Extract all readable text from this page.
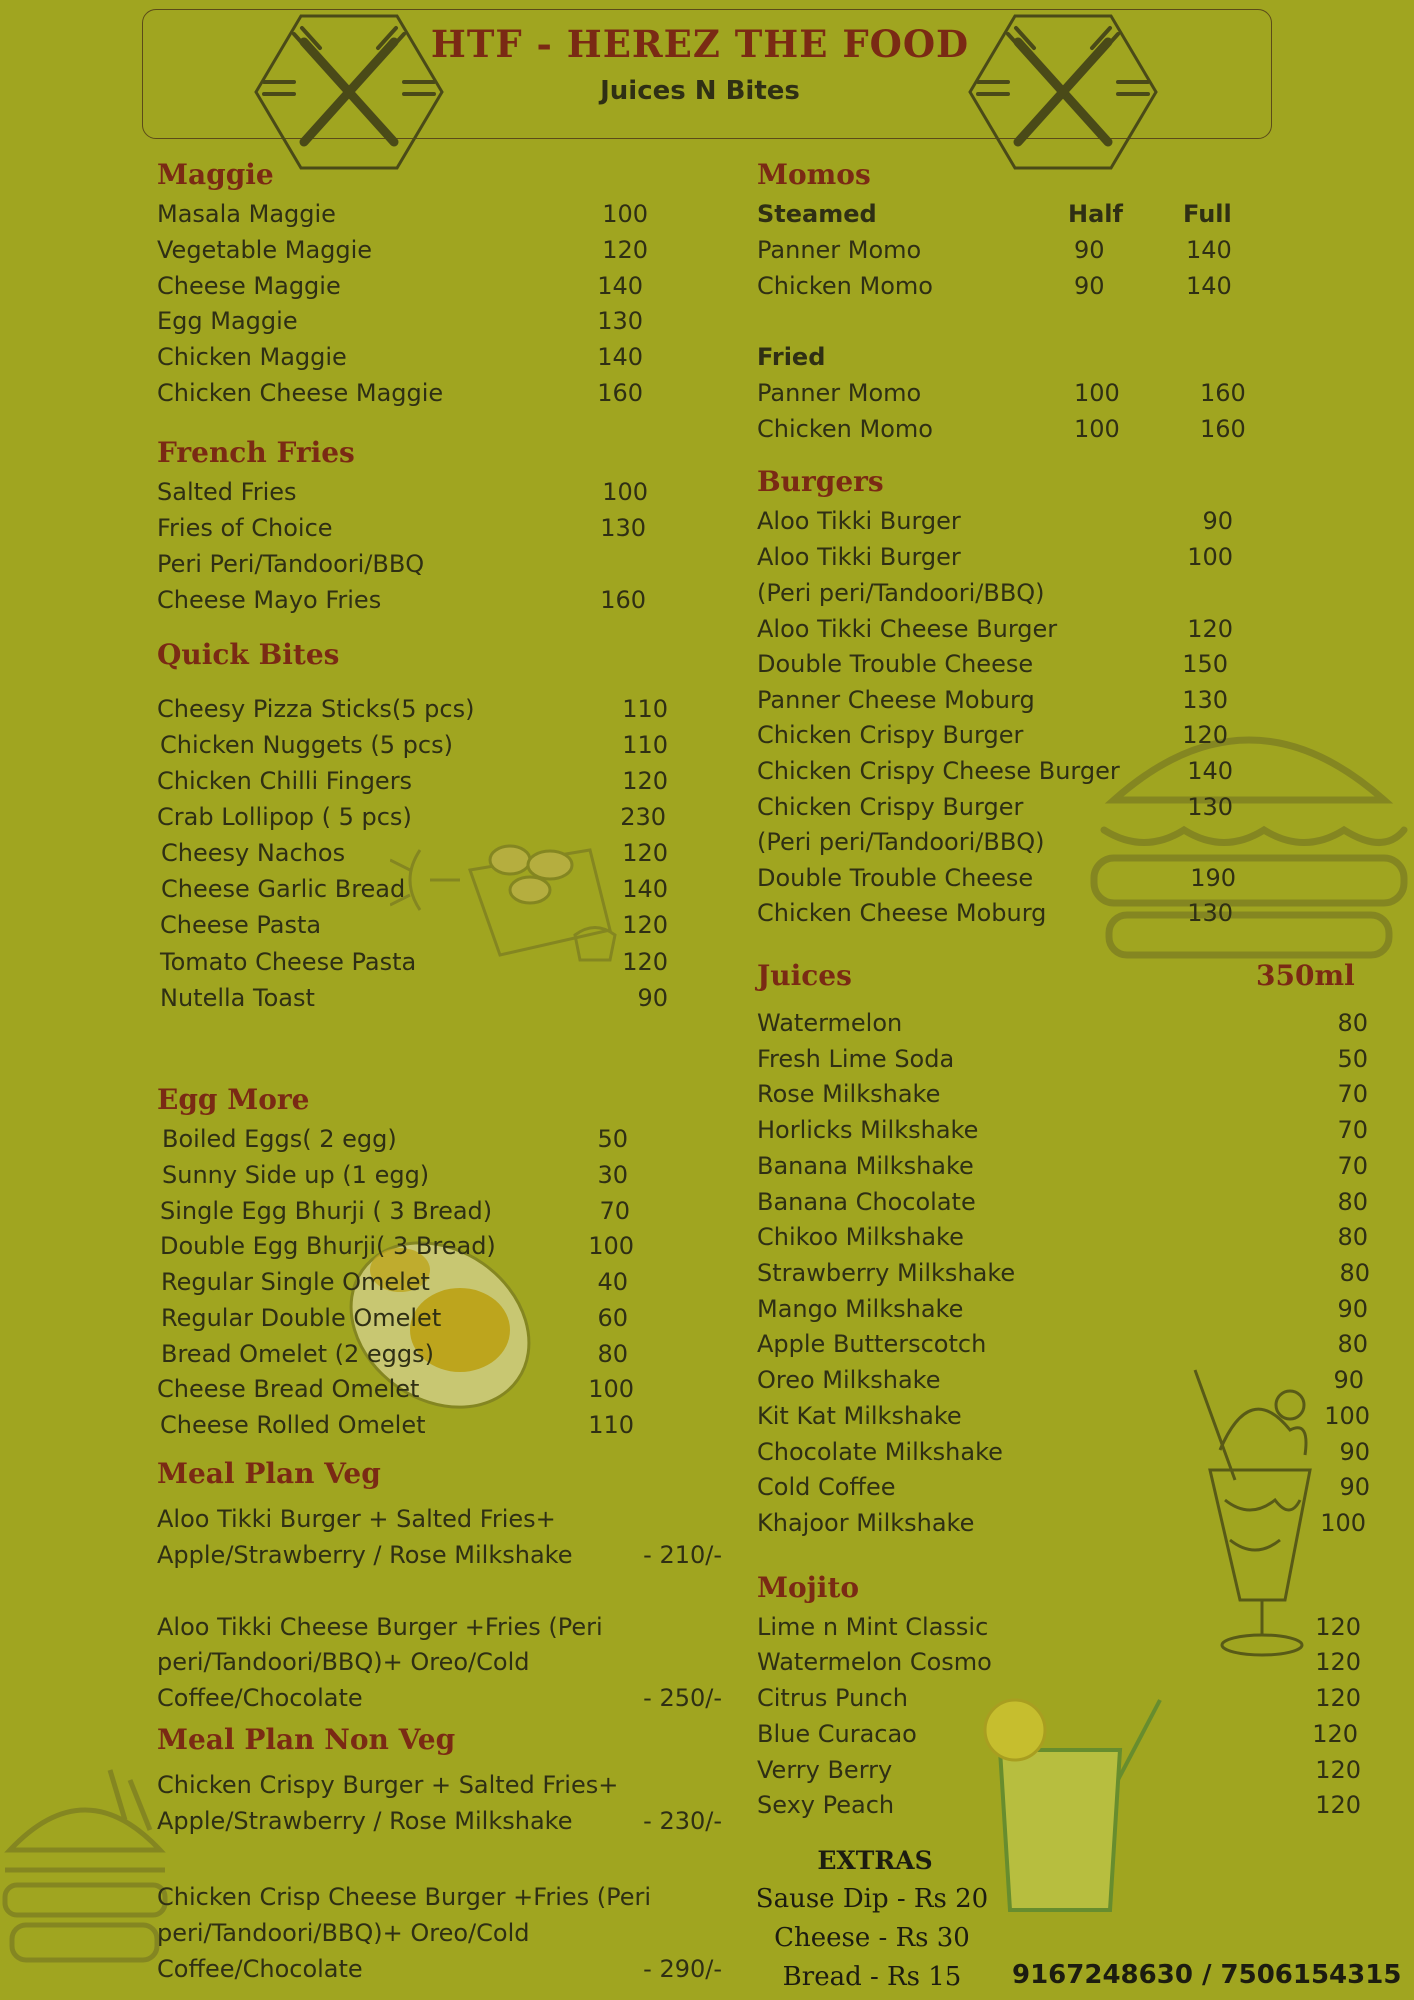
HTF - HEREZ THE FOOD
Juices N Bites
Maggie
Masala Maggie	100
Vegetable Maggie	120
Cheese Maggie	140
Egg Maggie	130
Chicken Maggie	140
Chicken Cheese Maggie	160
French Fries
Salted Fries	100
Fries of Choice	130
Peri Peri/Tandoori/BBQ
Cheese Mayo Fries	160
Quick Bites
Cheesy Pizza Sticks(5 pcs)	110
Chicken Nuggets (5 pcs)	110
Chicken Chilli Fingers	120
Crab Lollipop ( 5 pcs)	230
Cheesy Nachos	120
Cheese Garlic Bread	140
Cheese Pasta	120
Tomato Cheese Pasta	120
Nutella Toast	90
Egg More
Boiled Eggs( 2 egg)	50
Sunny Side up (1 egg)	30
Single Egg Bhurji ( 3 Bread)	70
Double Egg Bhurji( 3 Bread)	100
Regular Single Omelet	40
Regular Double Omelet	60
Bread Omelet (2 eggs)	80
Cheese Bread Omelet	100
Cheese Rolled Omelet	110
Meal Plan Veg
Aloo Tikki Burger + Salted Fries+
Apple/Strawberry / Rose Milkshake	- 210/-
Aloo Tikki Cheese Burger +Fries (Peri
peri/Tandoori/BBQ)+ Oreo/Cold
Coffee/Chocolate	- 250/-
Meal Plan Non Veg
Chicken Crispy Burger + Salted Fries+
Apple/Strawberry / Rose Milkshake	- 230/-
Chicken Crisp Cheese Burger +Fries (Peri
peri/Tandoori/BBQ)+ Oreo/Cold
Coffee/Chocolate	- 290/-
Momos
Steamed	Half	Full
Panner Momo	90	140
Chicken Momo	90	140
Fried
Panner Momo	100	160
Chicken Momo	100	160
Burgers
Aloo Tikki Burger	90
Aloo Tikki Burger	100
(Peri peri/Tandoori/BBQ)
Aloo Tikki Cheese Burger	120
Double Trouble Cheese	150
Panner Cheese Moburg	130
Chicken Crispy Burger	120
Chicken Crispy Cheese Burger	140
Chicken Crispy Burger	130
(Peri peri/Tandoori/BBQ)
Double Trouble Cheese	190
Chicken Cheese Moburg	130
Juices	350ml
Watermelon	80
Fresh Lime Soda	50
Rose Milkshake	70
Horlicks Milkshake	70
Banana Milkshake	70
Banana Chocolate	80
Chikoo Milkshake	80
Strawberry Milkshake	80
Mango Milkshake	90
Apple Butterscotch	80
Oreo Milkshake	90
Kit Kat Milkshake	100
Chocolate Milkshake	90
Cold Coffee	90
Khajoor Milkshake	100
Mojito
Lime n Mint Classic	120
Watermelon Cosmo	120
Citrus Punch	120
Blue Curacao	120
Verry Berry	120
Sexy Peach	120
EXTRAS
Sause Dip - Rs 20
Cheese - Rs 30
Bread - Rs 15	9167248630 / 7506154315
